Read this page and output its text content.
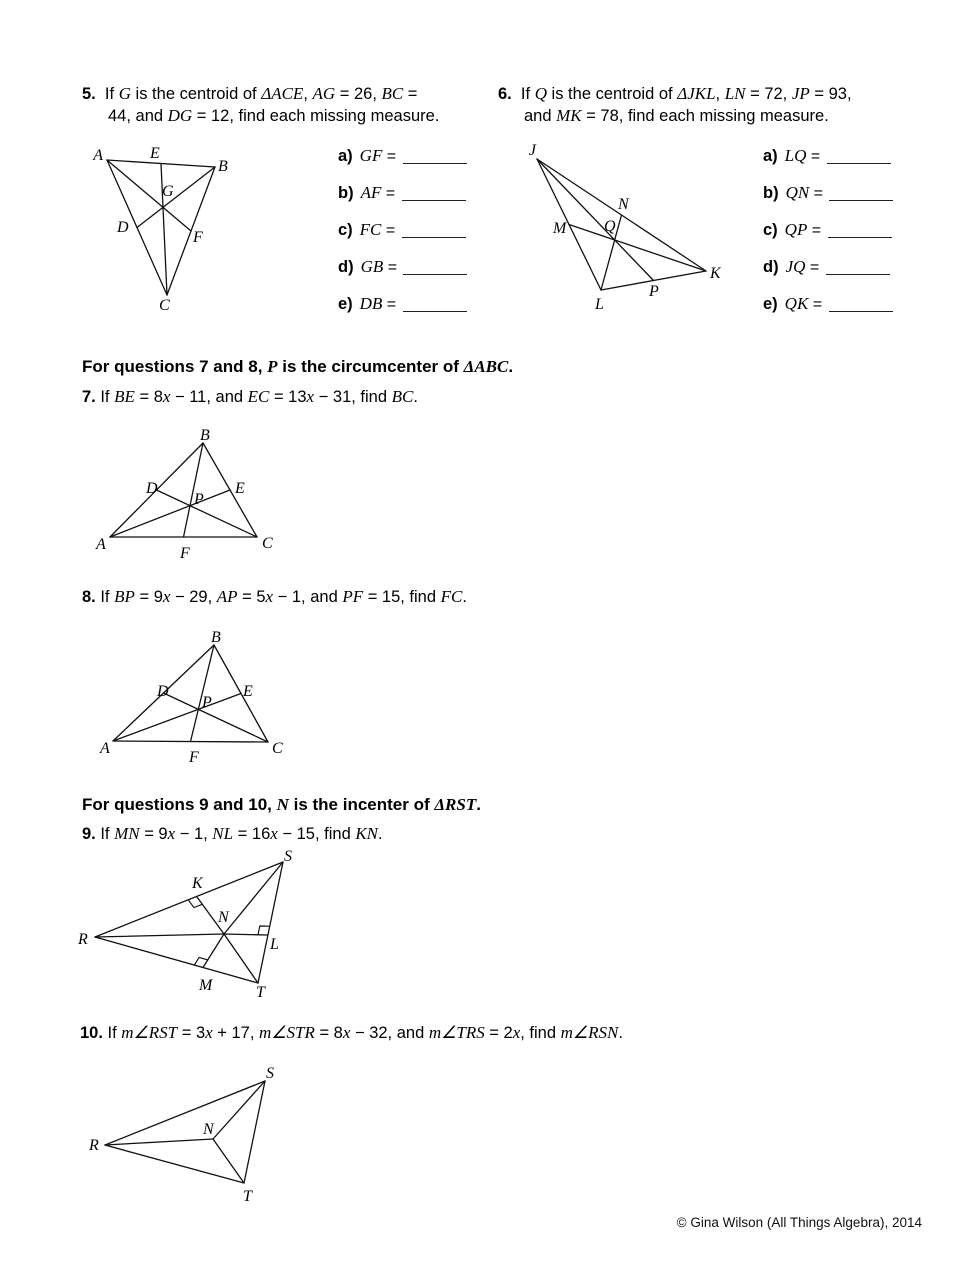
5.  If G is the centroid of ΔACE, AG = 26, BC =
44, and DG = 12, find each missing measure.
6.  If Q is the centroid of ΔJKL, LN = 72, JP = 93,
and MK = 78, find each missing measure.
A	E
B
G
D
F
C
J
N
Q
M
K
P
L
a) GF =
b) AF =
c) FC =
d) GB =
e) DB =
a) LQ =
b) QN =
c) QP =
d) JQ =
e) QK =
For questions 7 and 8, P is the circumcenter of ΔABC.
7. If BE = 8x − 11, and EC = 13x − 31, find BC.
B
D	E
P
A
F
C
8. If BP = 9x − 29, AP = 5x − 1, and PF = 15, find FC.
B
D	E
P
A
F
C
For questions 9 and 10, N is the incenter of ΔRST.
9. If MN = 9x − 1, NL = 16x − 15, find KN.
S
K
N
R	L
M	T
10. If m∠RST = 3x + 17, m∠STR = 8x − 32, and m∠TRS = 2x, find m∠RSN.
S
R
N
T
© Gina Wilson (All Things Algebra), 2014
